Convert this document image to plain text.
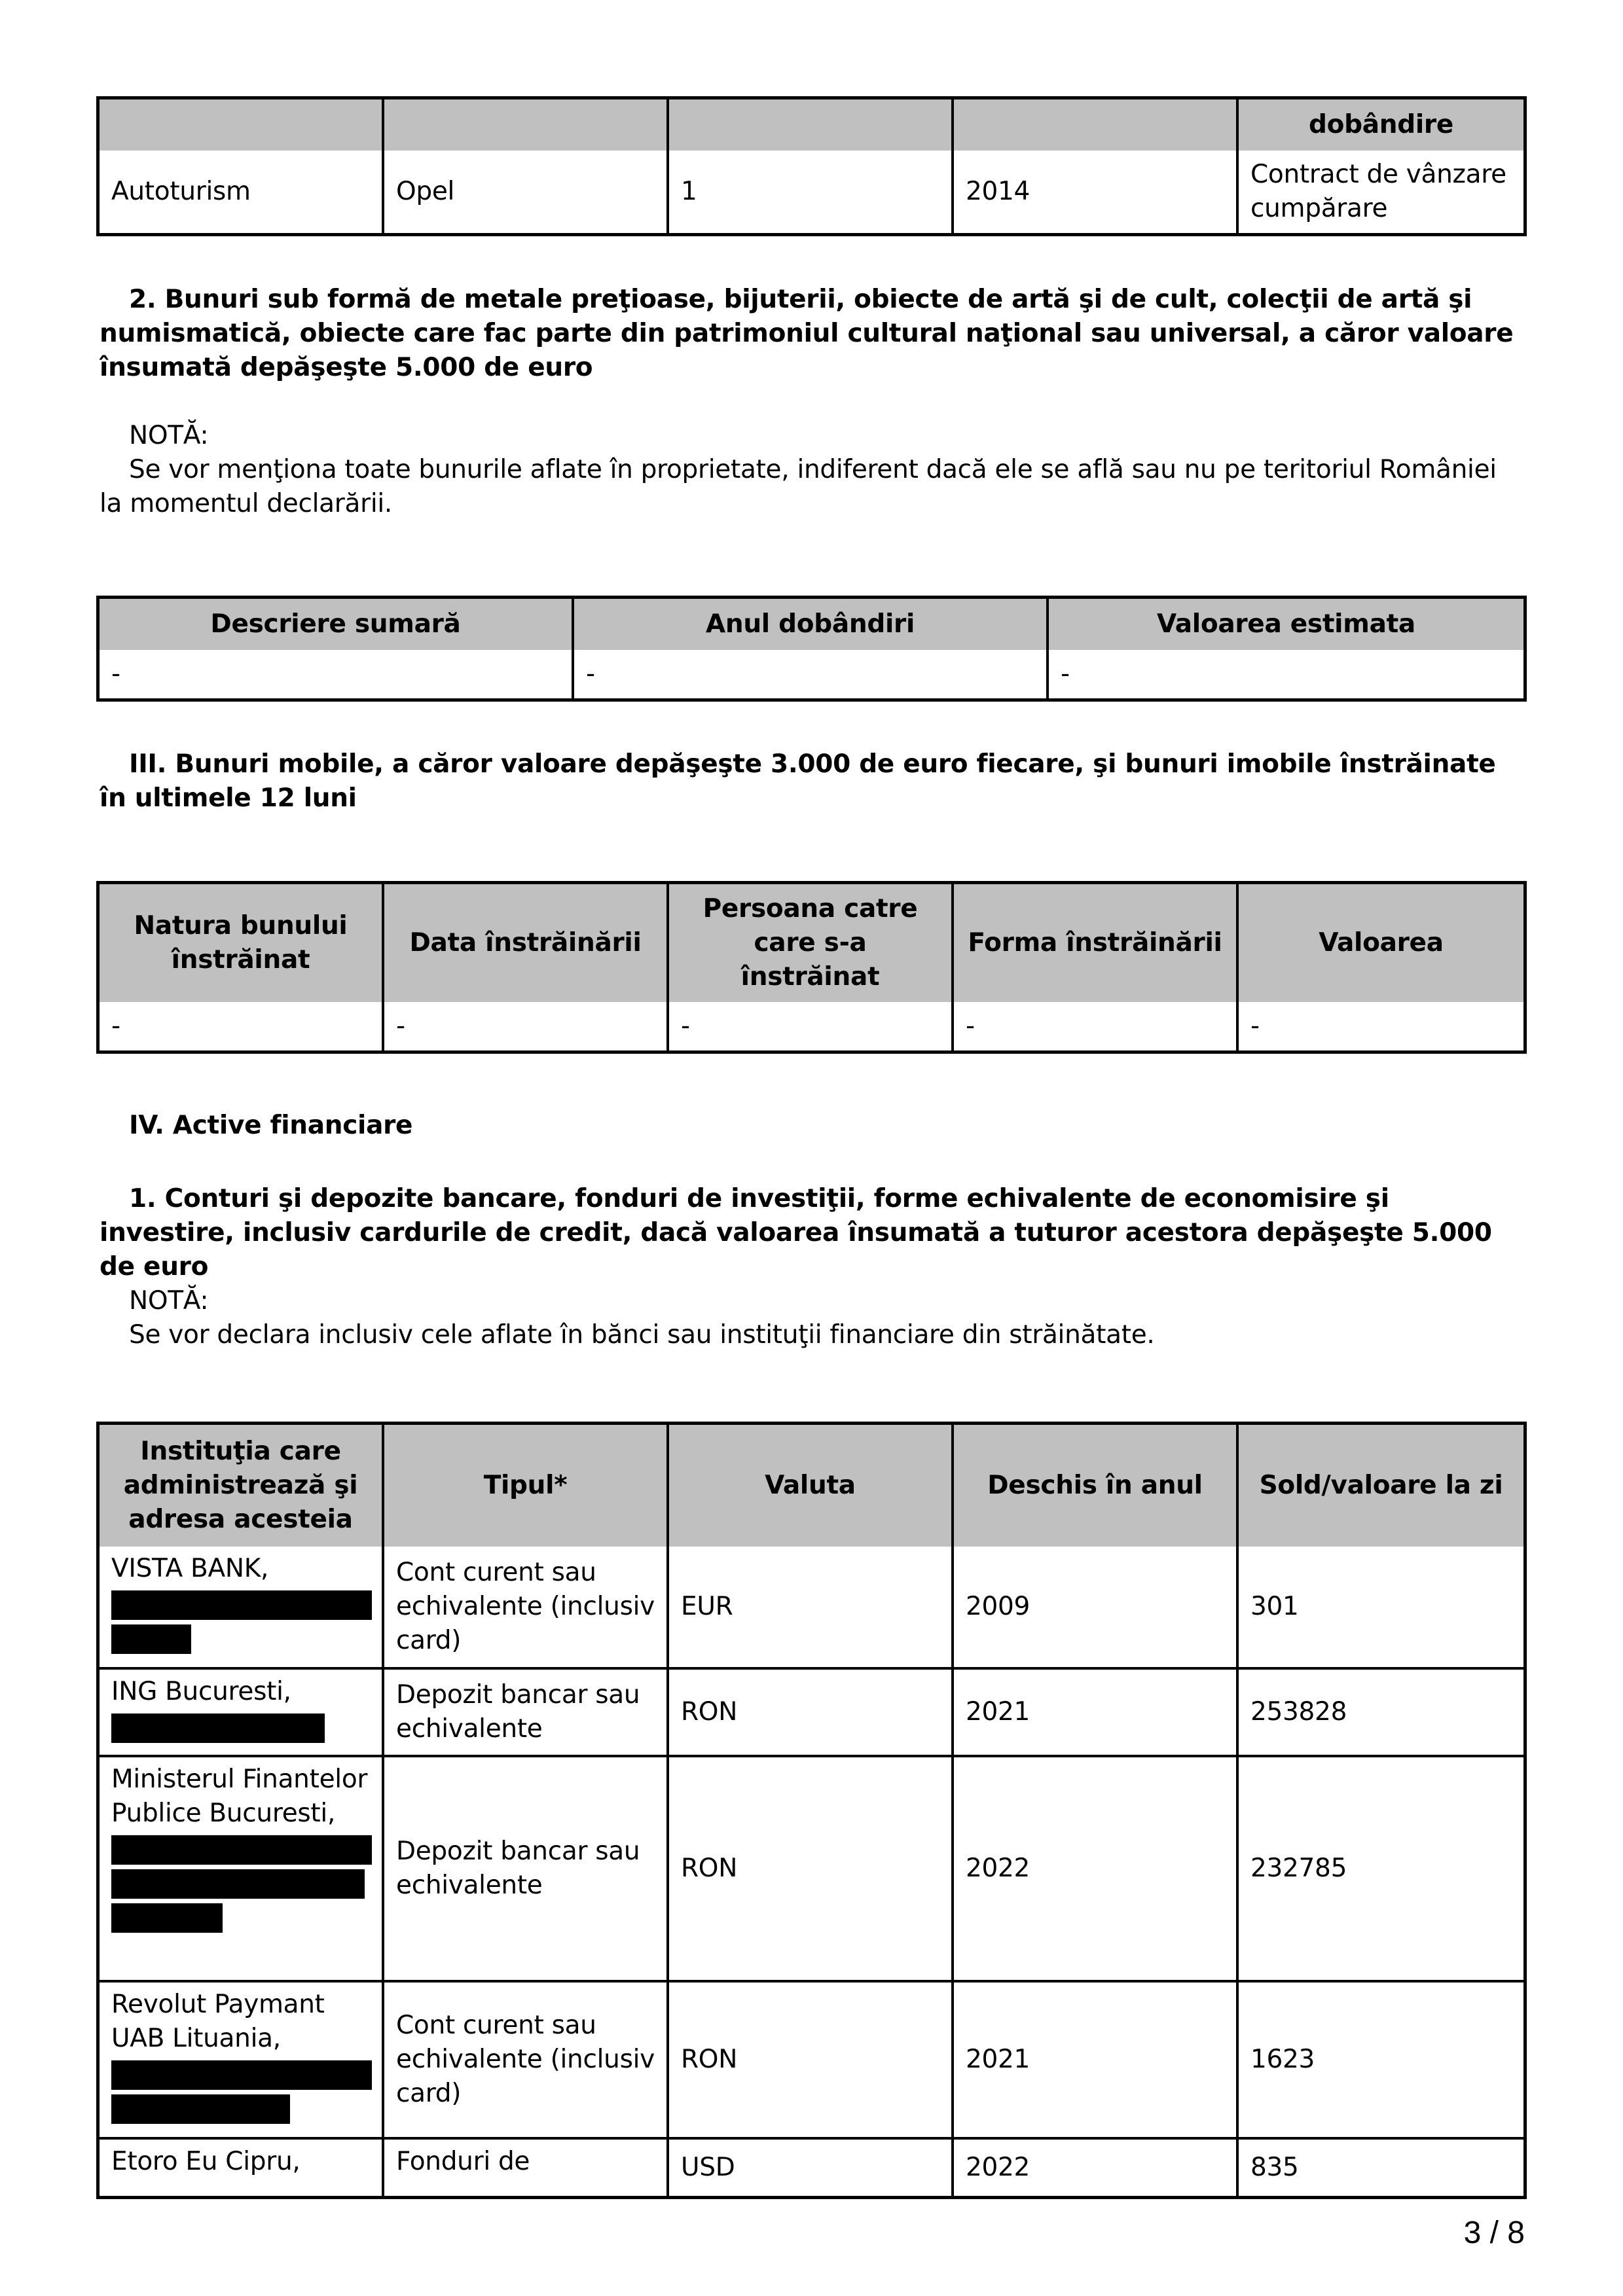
				dobândire
Autoturism	Opel	1	2014	Contract de vânzare cumpărare

2. Bunuri sub formă de metale preţioase, bijuterii, obiecte de artă şi de cult, colecţii de artă şi numismatică, obiecte care fac parte din patrimoniul cultural naţional sau universal, a căror valoare însumată depăşeşte 5.000 de euro

NOTĂ:

Se vor menţiona toate bunurile aflate în proprietate, indiferent dacă ele se află sau nu pe teritoriul României la momentul declarării.

Descriere sumară	Anul dobândiri	Valoarea estimata
-	-	-

III. Bunuri mobile, a căror valoare depăşeşte 3.000 de euro fiecare, şi bunuri imobile înstrăinate în ultimele 12 luni

Natura bunului înstrăinat	Data înstrăinării	Persoana catre care s-a înstrăinat	Forma înstrăinării	Valoarea
-	-	-	-	-

IV. Active financiare

1. Conturi şi depozite bancare, fonduri de investiţii, forme echivalente de economisire şi investire, inclusiv cardurile de credit, dacă valoarea însumată a tuturor acestora depăşeşte 5.000 de euro

NOTĂ:

Se vor declara inclusiv cele aflate în bănci sau instituţii financiare din străinătate.

Instituţia care administrează şi adresa acesteia	Tipul*	Valuta	Deschis în anul	Sold/valoare la zi
VISTA BANK,	Cont curent sau echivalente (inclusiv card)	EUR	2009	301
ING Bucuresti,	Depozit bancar sau echivalente	RON	2021	253828
Ministerul Finantelor Publice Bucuresti,	Depozit bancar sau echivalente	RON	2022	232785
Revolut Paymant UAB Lituania,	Cont curent sau echivalente (inclusiv card)	RON	2021	1623
Etoro Eu Cipru,	Fonduri de	USD	2022	835
3 / 8
